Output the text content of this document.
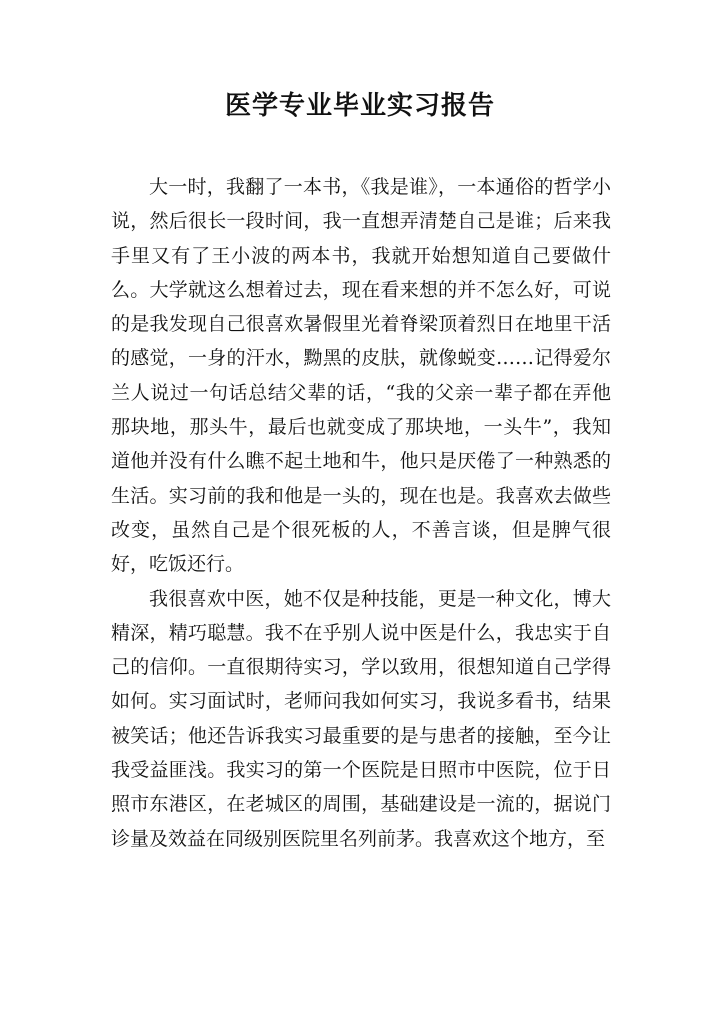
医学专业毕业实习报告

大一时，我翻了一本书，《我是谁》，一本通俗的哲学小说，然后很长一段时间，我一直想弄清楚自己是谁；后来我手里又有了王小波的两本书，我就开始想知道自己要做什么。大学就这么想着过去，现在看来想的并不怎么好，可说的是我发现自己很喜欢暑假里光着脊梁顶着烈日在地里干活的感觉，一身的汗水，黝黑的皮肤，就像蜕变……记得爱尔兰人说过一句话总结父辈的话，“我的父亲一辈子都在弄他那块地，那头牛，最后也就变成了那块地，一头牛”，我知道他并没有什么瞧不起土地和牛，他只是厌倦了一种熟悉的生活。实习前的我和他是一头的，现在也是。我喜欢去做些改变，虽然自己是个很死板的人，不善言谈，但是脾气很好，吃饭还行。

我很喜欢中医，她不仅是种技能，更是一种文化，博大精深，精巧聪慧。我不在乎别人说中医是什么，我忠实于自己的信仰。一直很期待实习，学以致用，很想知道自己学得如何。实习面试时，老师问我如何实习，我说多看书，结果被笑话；他还告诉我实习最重要的是与患者的接触，至今让我受益匪浅。我实习的第一个医院是日照市中医院，位于日照市东港区，在老城区的周围，基础建设是一流的，据说门诊量及效益在同级别医院里名列前茅。我喜欢这个地方，至
